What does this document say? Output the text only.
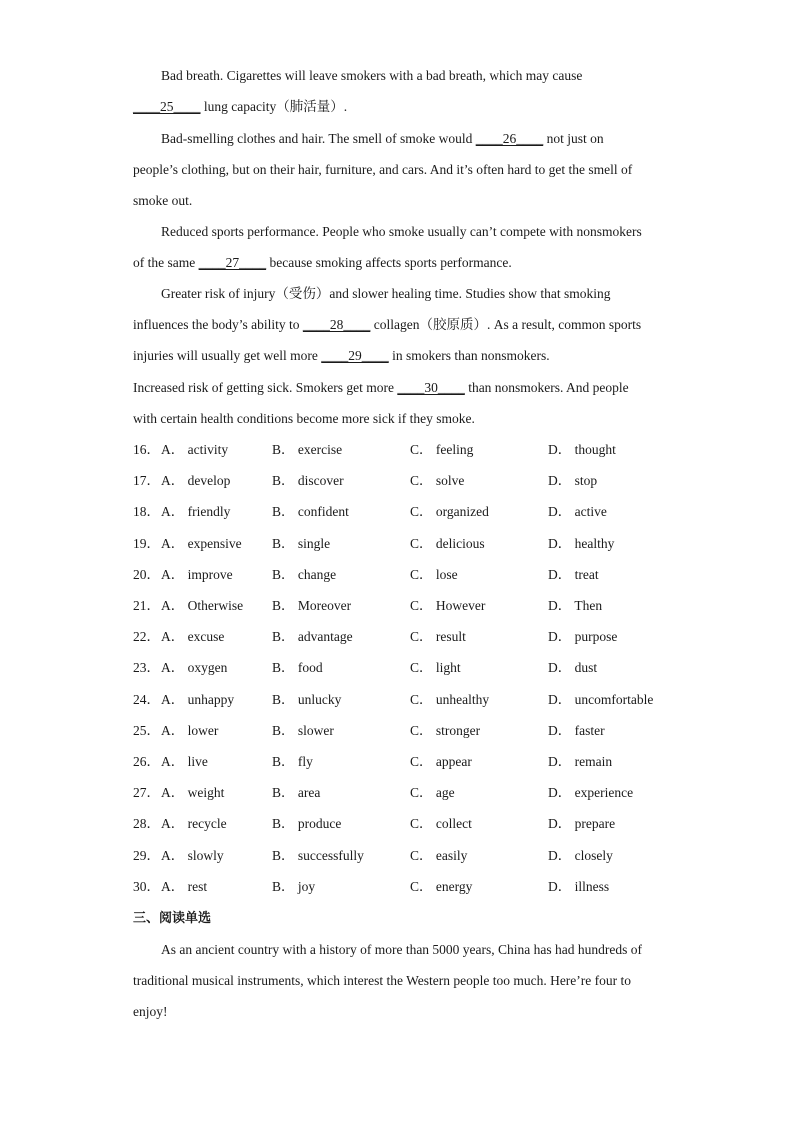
Bad breath. Cigarettes will leave smokers with a bad breath, which may cause
____25____ lung capacity（肺活量）.
Bad-smelling clothes and hair. The smell of smoke would ____26____ not just on
people’s clothing, but on their hair, furniture, and cars. And it’s often hard to get the smell of
smoke out.
Reduced sports performance. People who smoke usually can’t compete with nonsmokers
of the same ____27____ because smoking affects sports performance.
Greater risk of injury（受伤）and slower healing time. Studies show that smoking
influences the body’s ability to ____28____ collagen（胶原质）. As a result, common sports
injuries will usually get well more ____29____ in smokers than nonsmokers.
Increased risk of getting sick. Smokers get more ____30____ than nonsmokers. And people
with certain health conditions become more sick if they smoke.
16． A． activity	B． exercise	C． feeling	D． thought
17． A． develop	B． discover	C． solve	D． stop
18． A． friendly	B． confident	C． organized	D． active
19． A． expensive B． single	C． delicious	D． healthy
20． A． improve	B． change	C． lose	D． treat
21． A． Otherwise B． Moreover	C． However	D． Then
22． A． excuse	B． advantage	C． result	D． purpose
23． A． oxygen	B． food	C． light	D． dust
24． A． unhappy	B． unlucky	C． unhealthy	D． uncomfortable
25． A． lower	B． slower	C． stronger	D． faster
26． A． live	B． fly	C． appear	D． remain
27． A． weight	B． area	C． age	D． experience
28． A． recycle	B． produce	C． collect	D． prepare
29． A． slowly	B． successfully	C． easily	D． closely
30． A． rest	B． joy	C． energy	D． illness
三、阅读单选
As an ancient country with a history of more than 5000 years, China has had hundreds of
traditional musical instruments, which interest the Western people too much. Here’re four to
enjoy!
